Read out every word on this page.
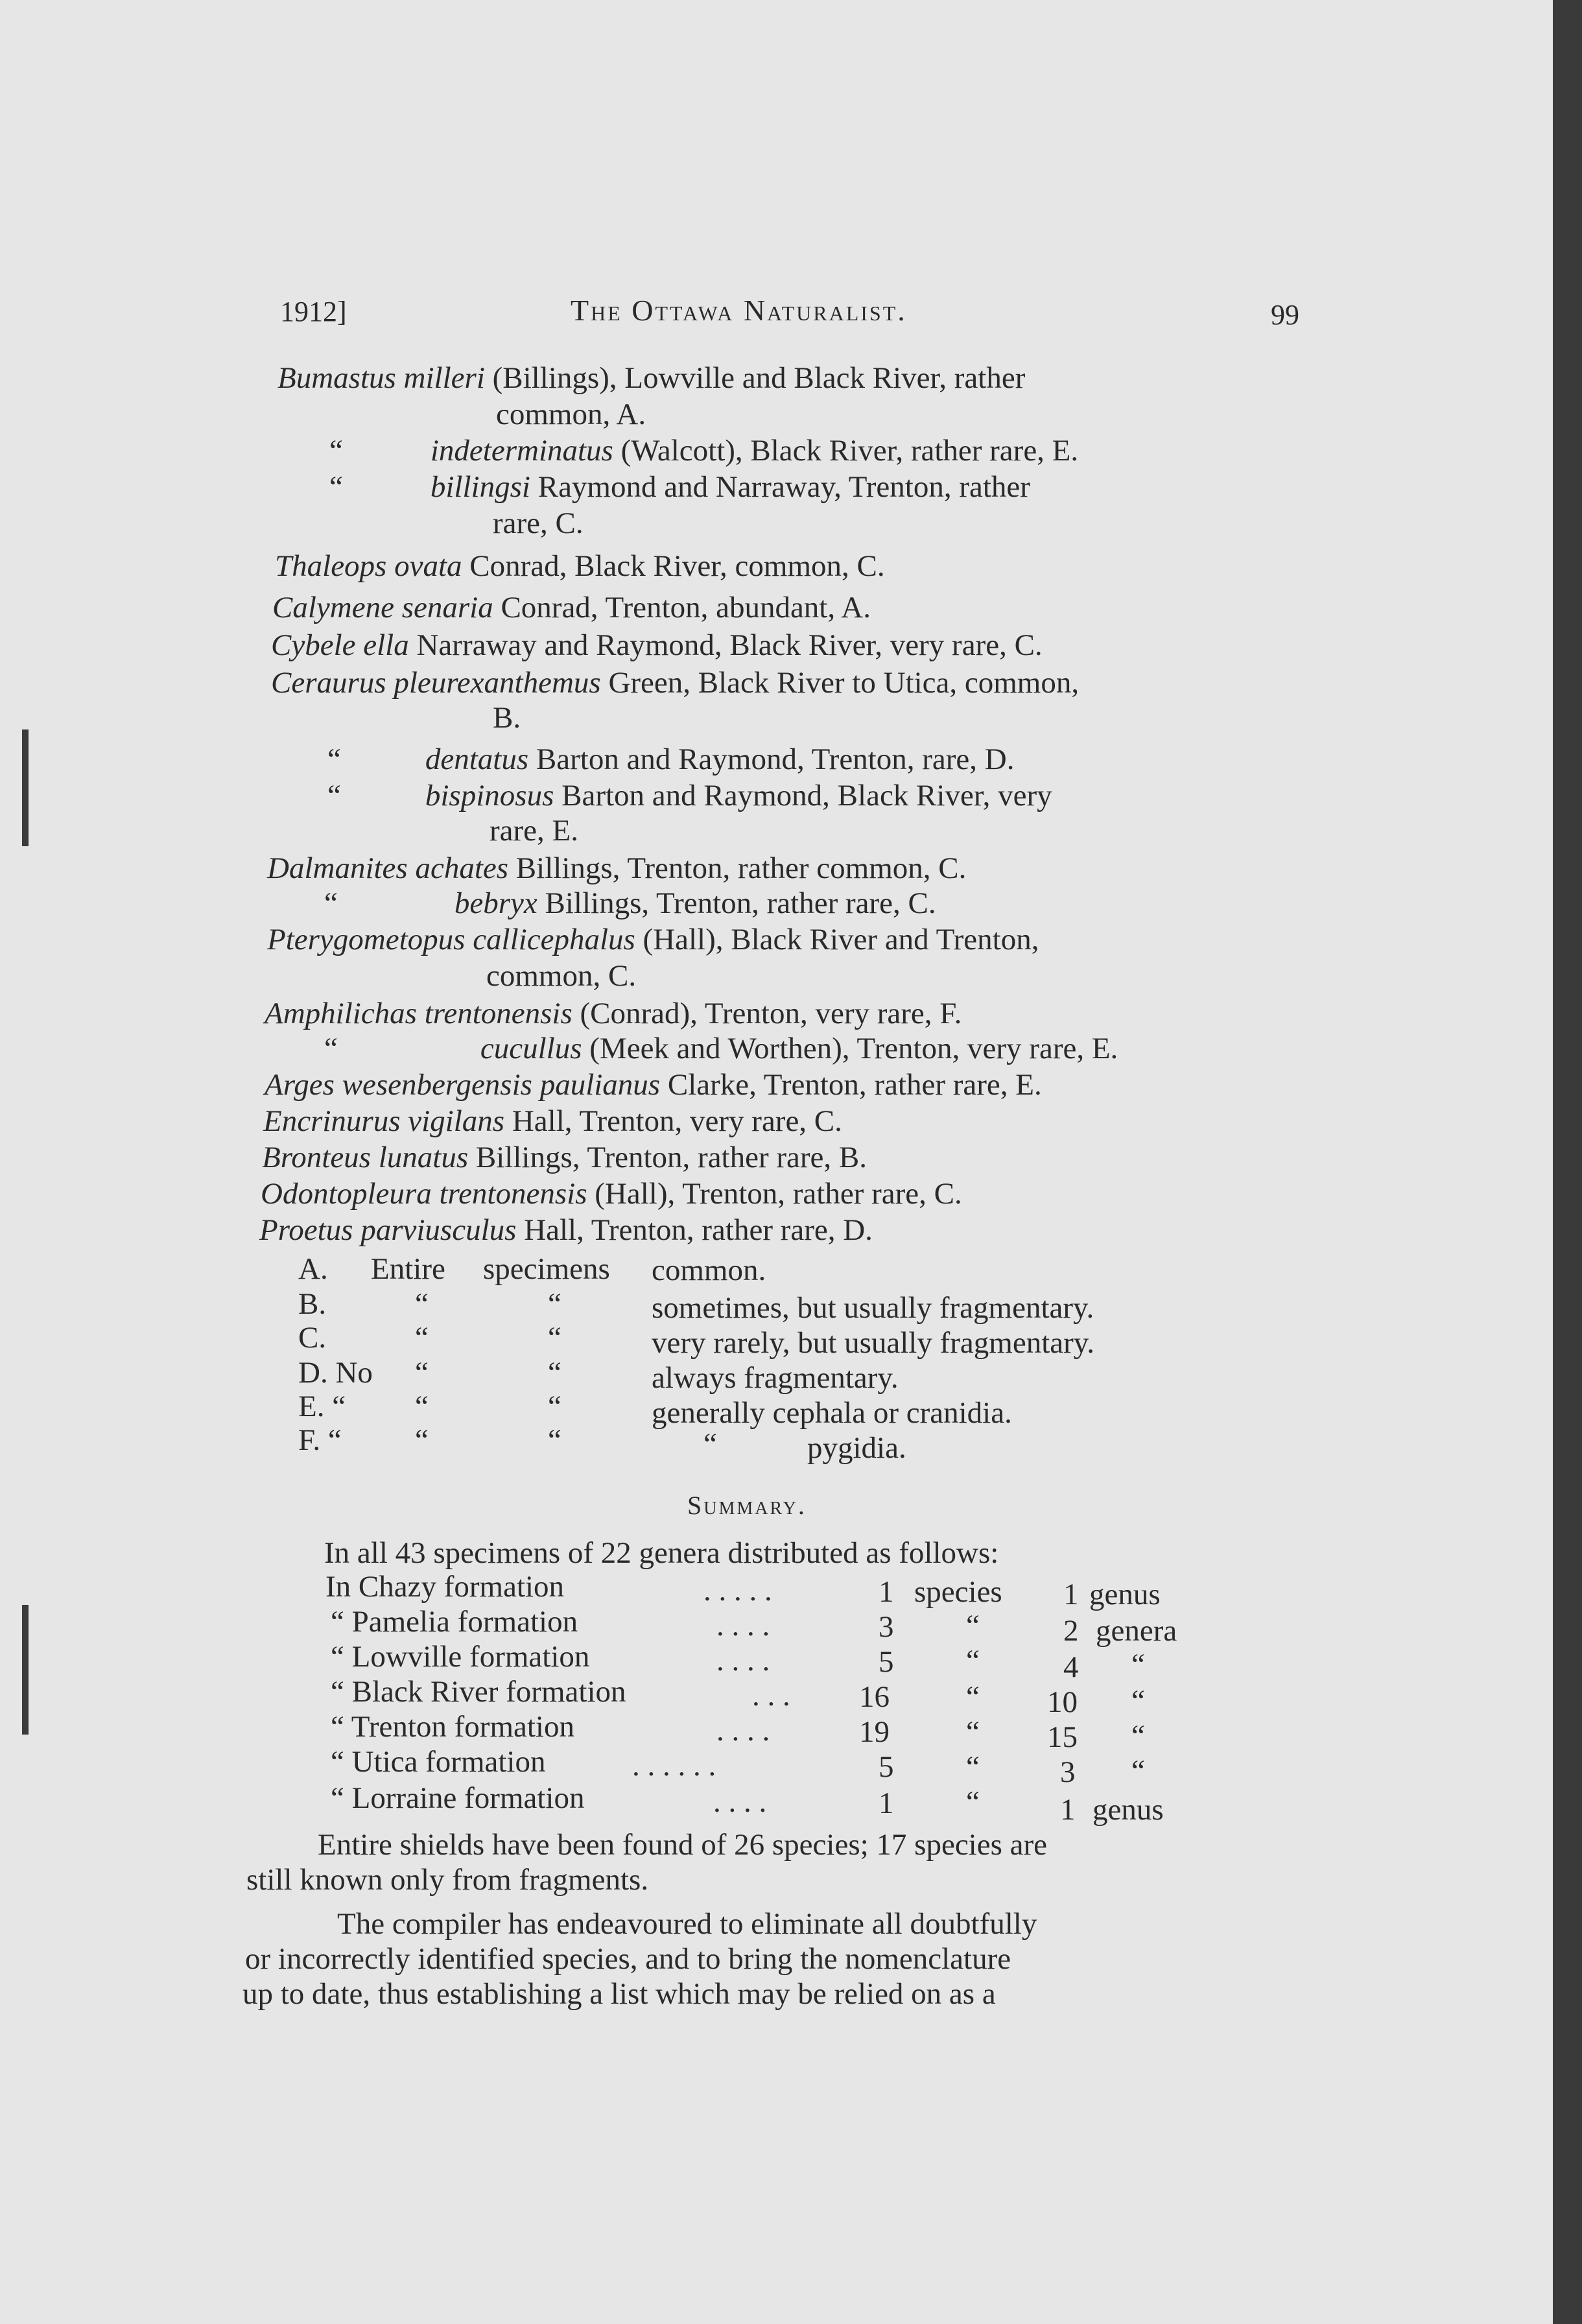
1912]	The Ottawa Naturalist.	99
Bumastus milleri (Billings), Lowville and Black River, rather
common, A.
“	indeterminatus (Walcott), Black River, rather rare, E.
“	billingsi Raymond and Narraway, Trenton, rather
rare, C.
Thaleops ovata Conrad, Black River, common, C.
Calymene senaria Conrad, Trenton, abundant, A.
Cybele ella Narraway and Raymond, Black River, very rare, C.
Ceraurus pleurexanthemus Green, Black River to Utica, common,
B.
“	dentatus Barton and Raymond, Trenton, rare, D.
“	bispinosus Barton and Raymond, Black River, very
rare, E.
Dalmanites achates Billings, Trenton, rather common, C.
“	bebryx Billings, Trenton, rather rare, C.
Pterygometopus callicephalus (Hall), Black River and Trenton,
common, C.
Amphilichas trentonensis (Conrad), Trenton, very rare, F.
“	cucullus (Meek and Worthen), Trenton, very rare, E.
Arges wesenbergensis paulianus Clarke, Trenton, rather rare, E.
Encrinurus vigilans Hall, Trenton, very rare, C.
Bronteus lunatus Billings, Trenton, rather rare, B.
Odontopleura trentonensis (Hall), Trenton, rather rare, C.
Proetus parviusculus Hall, Trenton, rather rare, D.
A. Entire specimens common.
B.	“	“	sometimes, but usually fragmentary.
C.	“	“	very rarely, but usually fragmentary.
D. No “	“	always fragmentary.
E. “ “	“	generally cephala or cranidia.
F. “ “	“	“	pygidia.
Summary.
In all 43 specimens of 22 genera distributed as follows:
In Chazy formation	. . . . .	1 species 1 genus
“ Pamelia formation	. . . .	3 “	2 genera
“ Lowville formation	. . . .	5 “	4 “
“ Black River formation	. . . 16	“ 10 “
“ Trenton formation	. . . .	19	“ 15 “
“ Utica formation	. . . . . .	5 “	3 “
“ Lorraine formation	. . . .	1 “	1 genus
Entire shields have been found of 26 species; 17 species are
still known only from fragments.
The compiler has endeavoured to eliminate all doubtfully
or incorrectly identified species, and to bring the nomenclature
up to date, thus establishing a list which may be relied on as a
